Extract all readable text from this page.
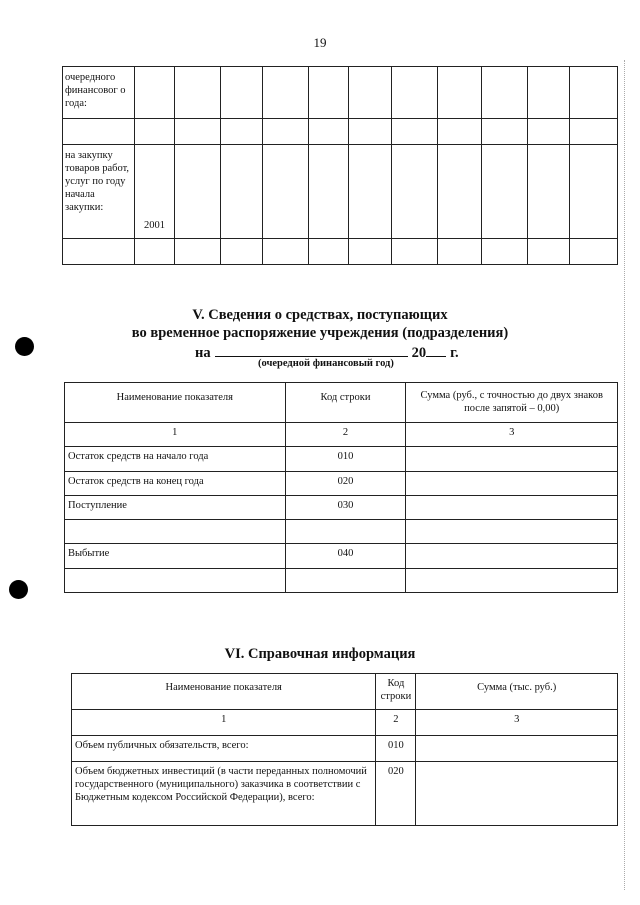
19
очередного финансовог о года:											

на закупку товаров работ, услуг по году начала закупки:	2001										

V. Сведения о средствах, поступающих
во временное распоряжение учреждения (подразделения)
на	20 г.
(очередной финансовый год)
Наименование показателя	Код строки	Сумма (руб., с точностью до двух знаков после запятой – 0,00)
1	2	3
Остаток средств на начало года	010	
Остаток средств на конец года	020	
Поступление	030	

Выбытие	040	

VI. Справочная информация
Наименование показателя	Код строки	Сумма (тыс. руб.)
1	2	3
Объем публичных обязательств, всего:	010	
Объем бюджетных инвестиций (в части переданных полномочий государственного (муниципального) заказчика в соответствии с Бюджетным кодексом Российской Федерации), всего:	020	
